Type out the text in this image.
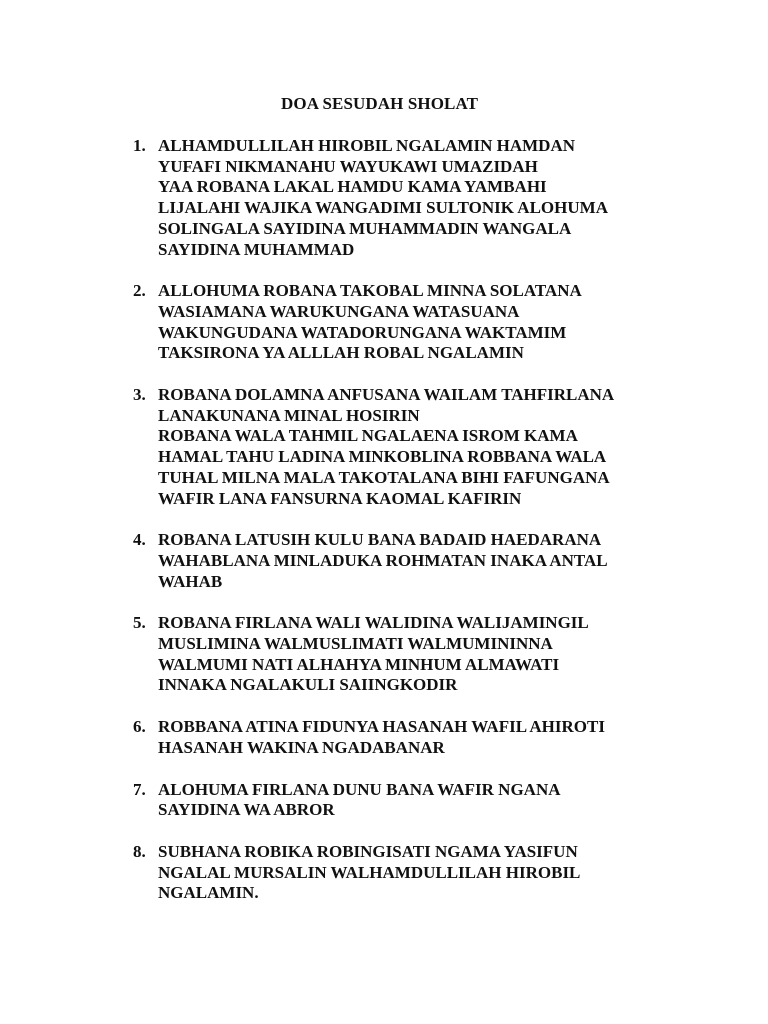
DOA SESUDAH SHOLAT
1. ALHAMDULLILAH HIROBIL NGALAMIN HAMDAN
YUFAFI NIKMANAHU WAYUKAWI UMAZIDAH
YAA ROBANA LAKAL HAMDU KAMA YAMBAHI
LIJALAHI WAJIKA WANGADIMI SULTONIK ALOHUMA
SOLINGALA SAYIDINA MUHAMMADIN WANGALA
SAYIDINA MUHAMMAD
2. ALLOHUMA ROBANA TAKOBAL MINNA SOLATANA
WASIAMANA WARUKUNGANA WATASUANA
WAKUNGUDANA WATADORUNGANA WAKTAMIM
TAKSIRONA YA ALLLAH ROBAL NGALAMIN
3. ROBANA DOLAMNA ANFUSANA WAILAM TAHFIRLANA
LANAKUNANA MINAL HOSIRIN
ROBANA WALA TAHMIL NGALAENA ISROM KAMA
HAMAL TAHU LADINA MINKOBLINA ROBBANA WALA
TUHAL MILNA MALA TAKOTALANA BIHI FAFUNGANA
WAFIR LANA FANSURNA KAOMAL KAFIRIN
4. ROBANA LATUSIH KULU BANA BADAID HAEDARANA
WAHABLANA MINLADUKA ROHMATAN INAKA ANTAL
WAHAB
5. ROBANA FIRLANA WALI WALIDINA WALIJAMINGIL
MUSLIMINA WALMUSLIMATI WALMUMININNA
WALMUMI NATI ALHAHYA MINHUM ALMAWATI
INNAKA NGALAKULI SAIINGKODIR
6. ROBBANA ATINA FIDUNYA HASANAH WAFIL AHIROTI
HASANAH WAKINA NGADABANAR
7. ALOHUMA FIRLANA DUNU BANA WAFIR NGANA
SAYIDINA WA ABROR
8. SUBHANA ROBIKA ROBINGISATI NGAMA YASIFUN
NGALAL MURSALIN WALHAMDULLILAH HIROBIL
NGALAMIN.
